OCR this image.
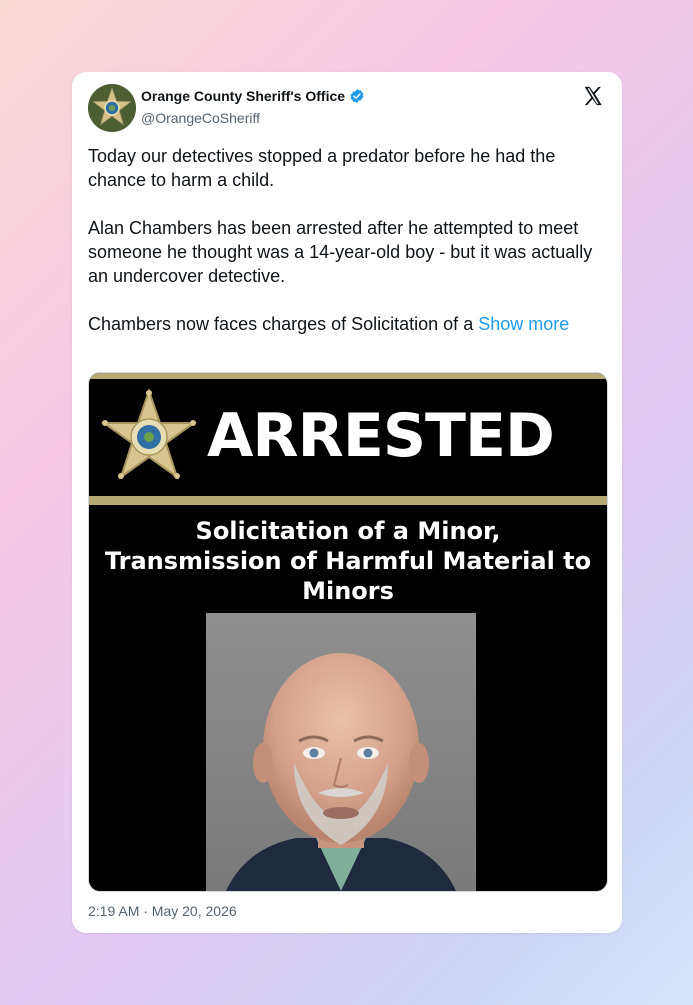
Orange County Sheriff's Office
@OrangeCoSheriff

Today our detectives stopped a predator before he had the chance to harm a child.

Alan Chambers has been arrested after he attempted to meet someone he thought was a 14-year-old boy - but it was actually an undercover detective.

Chambers now faces charges of Solicitation of a Show more

ARRESTED
Solicitation of a Minor,
Transmission of Harmful Material to
Minors
2:19 AM · May 20, 2026
